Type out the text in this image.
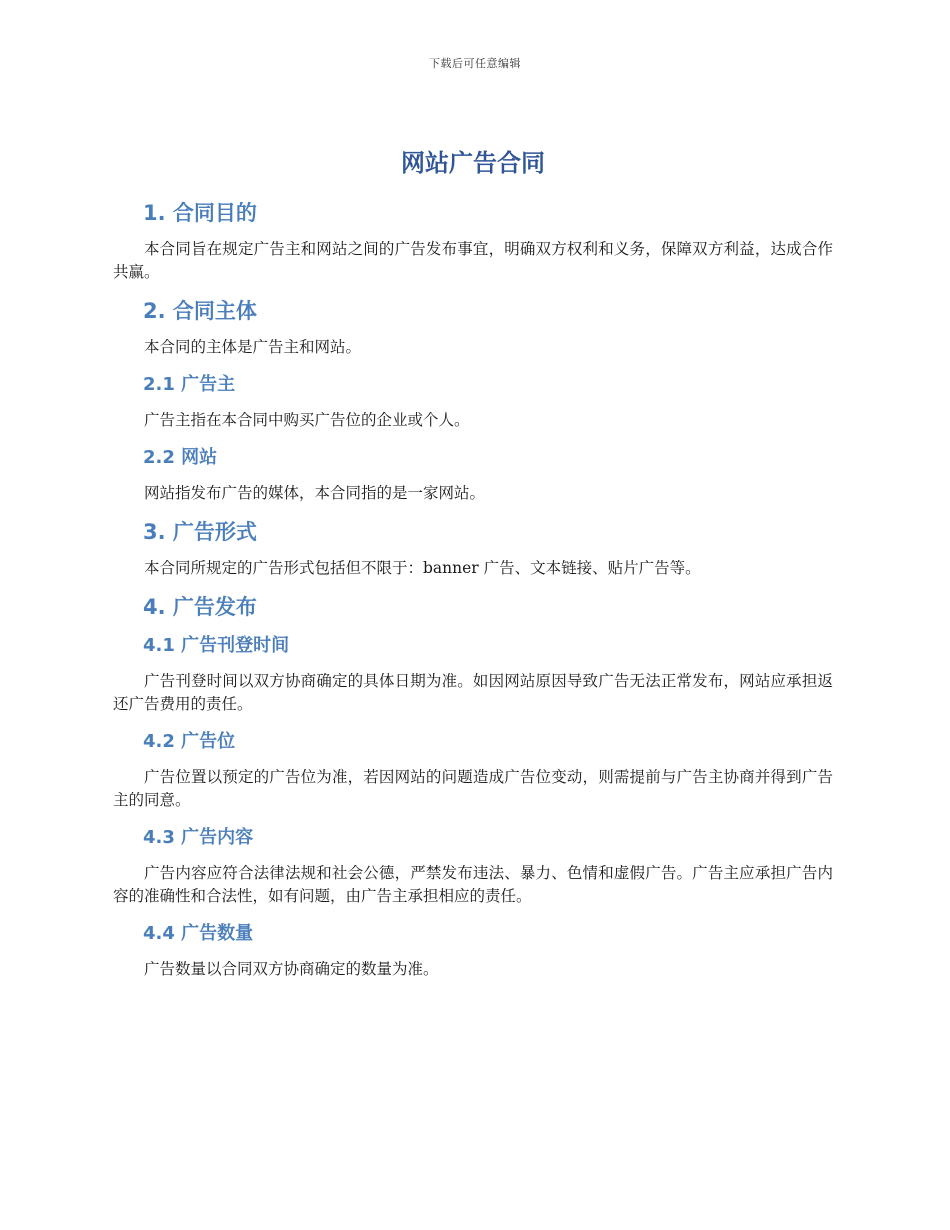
下载后可任意编辑
网站广告合同
1. 合同目的

本合同旨在规定广告主和网站之间的广告发布事宜，明确双方权利和义务，保障双方利益，达成合作共赢。

2. 合同主体

本合同的主体是广告主和网站。

2.1 广告主

广告主指在本合同中购买广告位的企业或个人。

2.2 网站

网站指发布广告的媒体，本合同指的是一家网站。

3. 广告形式

本合同所规定的广告形式包括但不限于：banner 广告、文本链接、贴片广告等。

4. 广告发布
4.1 广告刊登时间

广告刊登时间以双方协商确定的具体日期为准。如因网站原因导致广告无法正常发布，网站应承担返还广告费用的责任。

4.2 广告位

广告位置以预定的广告位为准，若因网站的问题造成广告位变动，则需提前与广告主协商并得到广告主的同意。

4.3 广告内容

广告内容应符合法律法规和社会公德，严禁发布违法、暴力、色情和虚假广告。广告主应承担广告内容的准确性和合法性，如有问题，由广告主承担相应的责任。

4.4 广告数量

广告数量以合同双方协商确定的数量为准。
